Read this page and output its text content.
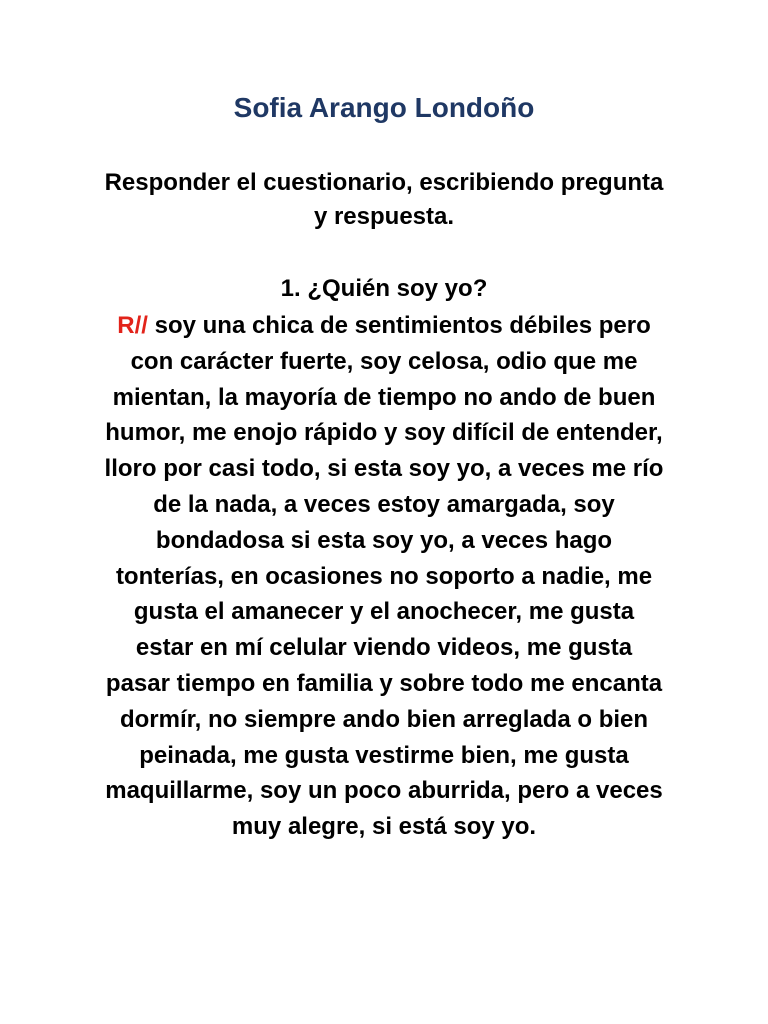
Sofia Arango Londoño

Responder el cuestionario, escribiendo pregunta y respuesta.

1. ¿Quién soy yo?

R// soy una chica de sentimientos débiles pero con carácter fuerte, soy celosa, odio que me mientan, la mayoría de tiempo no ando de buen humor, me enojo rápido y soy difícil de entender, lloro por casi todo, si esta soy yo, a veces me río de la nada, a veces estoy amargada, soy bondadosa si esta soy yo, a veces hago tonterías, en ocasiones no soporto a nadie, me gusta el amanecer y el anochecer, me gusta estar en mí celular viendo videos, me gusta pasar tiempo en familia y sobre todo me encanta dormír, no siempre ando bien arreglada o bien peinada, me gusta vestirme bien, me gusta maquillarme, soy un poco aburrida, pero a veces muy alegre, si está soy yo.
